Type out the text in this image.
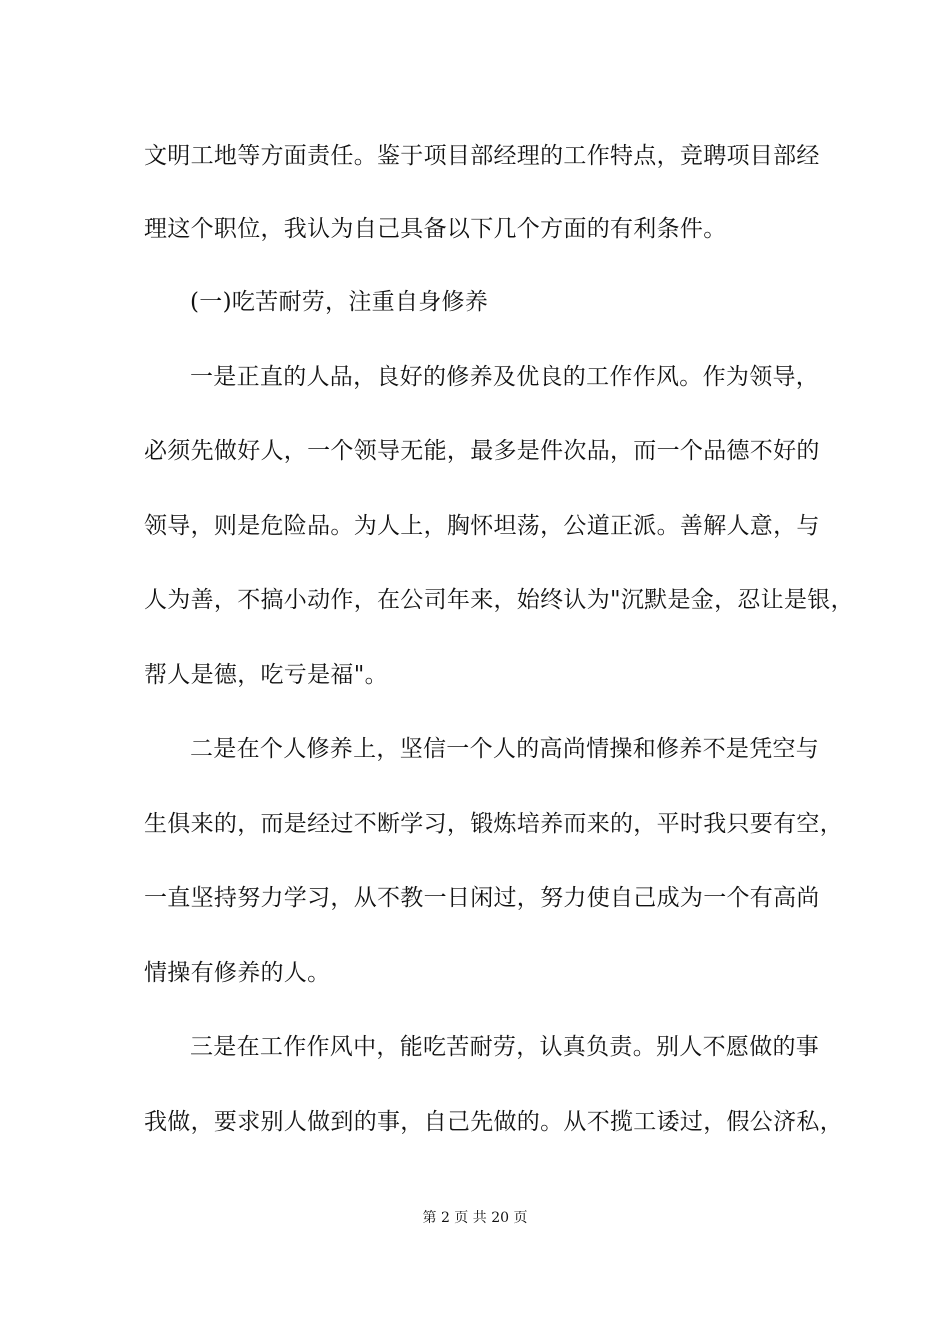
文明工地等方面责任。鉴于项目部经理的工作特点，竞聘项目部经
理这个职位，我认为自己具备以下几个方面的有利条件。
(一)吃苦耐劳，注重自身修养
一是正直的人品，良好的修养及优良的工作作风。作为领导，
必须先做好人，一个领导无能，最多是件次品，而一个品德不好的
领导，则是危险品。为人上，胸怀坦荡，公道正派。善解人意，与
人为善，不搞小动作，在公司年来，始终认为"沉默是金，忍让是银，
帮人是德，吃亏是福"。
二是在个人修养上，坚信一个人的高尚情操和修养不是凭空与
生俱来的，而是经过不断学习，锻炼培养而来的，平时我只要有空，
一直坚持努力学习，从不教一日闲过，努力使自己成为一个有高尚
情操有修养的人。
三是在工作作风中，能吃苦耐劳，认真负责。别人不愿做的事
我做，要求别人做到的事，自己先做的。从不揽工诿过，假公济私，
第 2 页 共 20 页
